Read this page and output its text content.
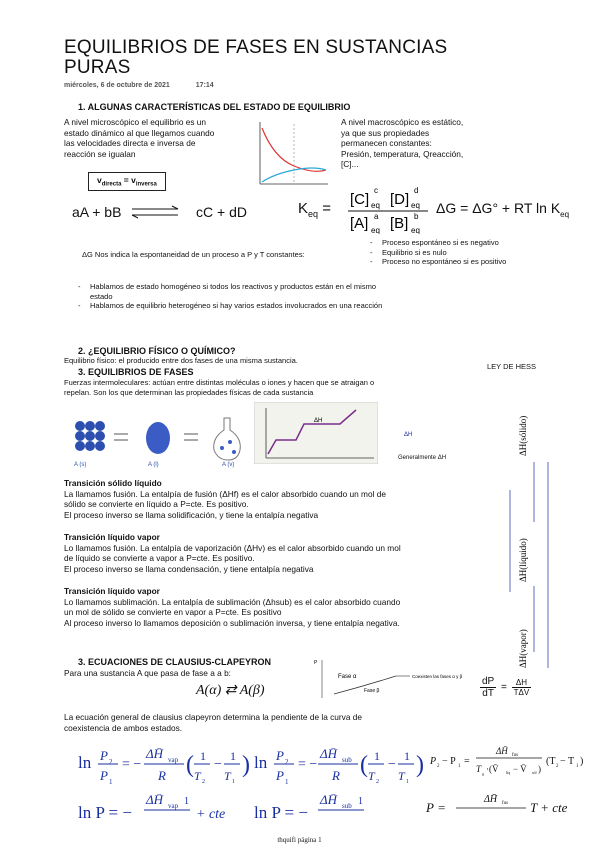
EQUILIBRIOS DE FASES EN SUSTANCIAS
PURAS
miércoles, 6 de octubre de 2021	17:14
1. ALGUNAS CARACTERÍSTICAS DEL ESTADO DE EQUILIBRIO
A nivel microscópico el equilibrio es un
estado dinámico al que llegamos cuando
las velocidades directa e inversa de
reacción se igualan
A nivel macroscópico es estático,
ya que sus propiedades
permanecen constantes:
Presión, temperatura, Qreacción,
[C]...
$v_{directa} = v_{inversa}$
aA + bB ⇌ cC + dD	$K_{eq}$ =
[C]
c
eq [D]
d
eq
[A] a
eq [B] b
eq
ΔG = ΔG° + RT $\ln K_{eq}$
ΔG Nos indica la espontaneidad de un proceso a P y T constantes:
- Proceso espontáneo si es negativo
- Equilibrio si es nulo
- Proceso no espontáneo si es positivo
- Hablamos de estado homogéneo si todos los reactivos y productos están en el mismo
estado
- Hablamos de equilibrio heterogéneo si hay varios estados involucrados en una reacción
2. ¿EQUILIBRIO FÍSICO O QUÍMICO?
Equilibrio físico: el producido entre dos fases de una misma sustancia.
3. EQUILIBRIOS DE FASES
Fuerzas intermoleculares: actúan entre distintas moléculas o iones y hacen que se atraigan o
repelan. Son los que determinan las propiedades físicas de cada sustancia
LEY DE HESS
A (s)	A (l)	A (v)
ΔH
ΔH
Generalmente ΔH
ΔH(sólido)
ΔH(líquido)
ΔH(vapor)
Transición sólido líquido
La llamamos fusión. La entalpía de fusión (ΔHf) es el calor absorbido cuando un mol de
sólido se convierte en líquido a P=cte. Es positivo.
El proceso inverso se llama solidificación, y tiene la entalpía negativa
Transición líquido vapor
Lo llamamos fusión. La entalpía de vaporización (ΔHv) es el calor absorbido cuando un mol
de líquido se convierte a vapor a P=cte. Es positivo.
El proceso inverso se llama condensación, y tiene entalpía negativa
Transición líquido vapor
Lo llamamos sublimación. La entalpía de sublimación (Δhsub) es el calor absorbido cuando
un mol de sólido se convierte en vapor a P=cte. Es positivo
Al proceso inverso lo llamamos deposición o sublimación inversa, y tiene entalpía negativa.
3. ECUACIONES DE CLAUSIUS-CLAPEYRON
Para una sustancia A que pasa de fase a a b:
A(α) ⇄ A(β)
Fase α
Fase β
Coexisten las fases α y β
P
$\frac{dP}{dT} = \frac{\Delta H}{\text{TΔV}}$
La ecuación general de clausius clapeyron determina la pendiente de la curva de
coexistencia de ambos estados.
ln P 2
P 1
= −
ΔH̄ vap
R ( 1
T 2
−
1
T 1
) ln P 2
P 1
= −
ΔH̄ sub
R ( 1
T 2
−
1
T 1
) P 2 − P 1 =
ΔH̄ fus
T
0
·(V̄ líq − V̄ sól )
(T 2 − T 1 )
ln P = −
ΔH̄ vap 1
+ cte ln P = −
ΔH̄ sub 1	P =
ΔH̄ fus T + cte
thquifi página 1
